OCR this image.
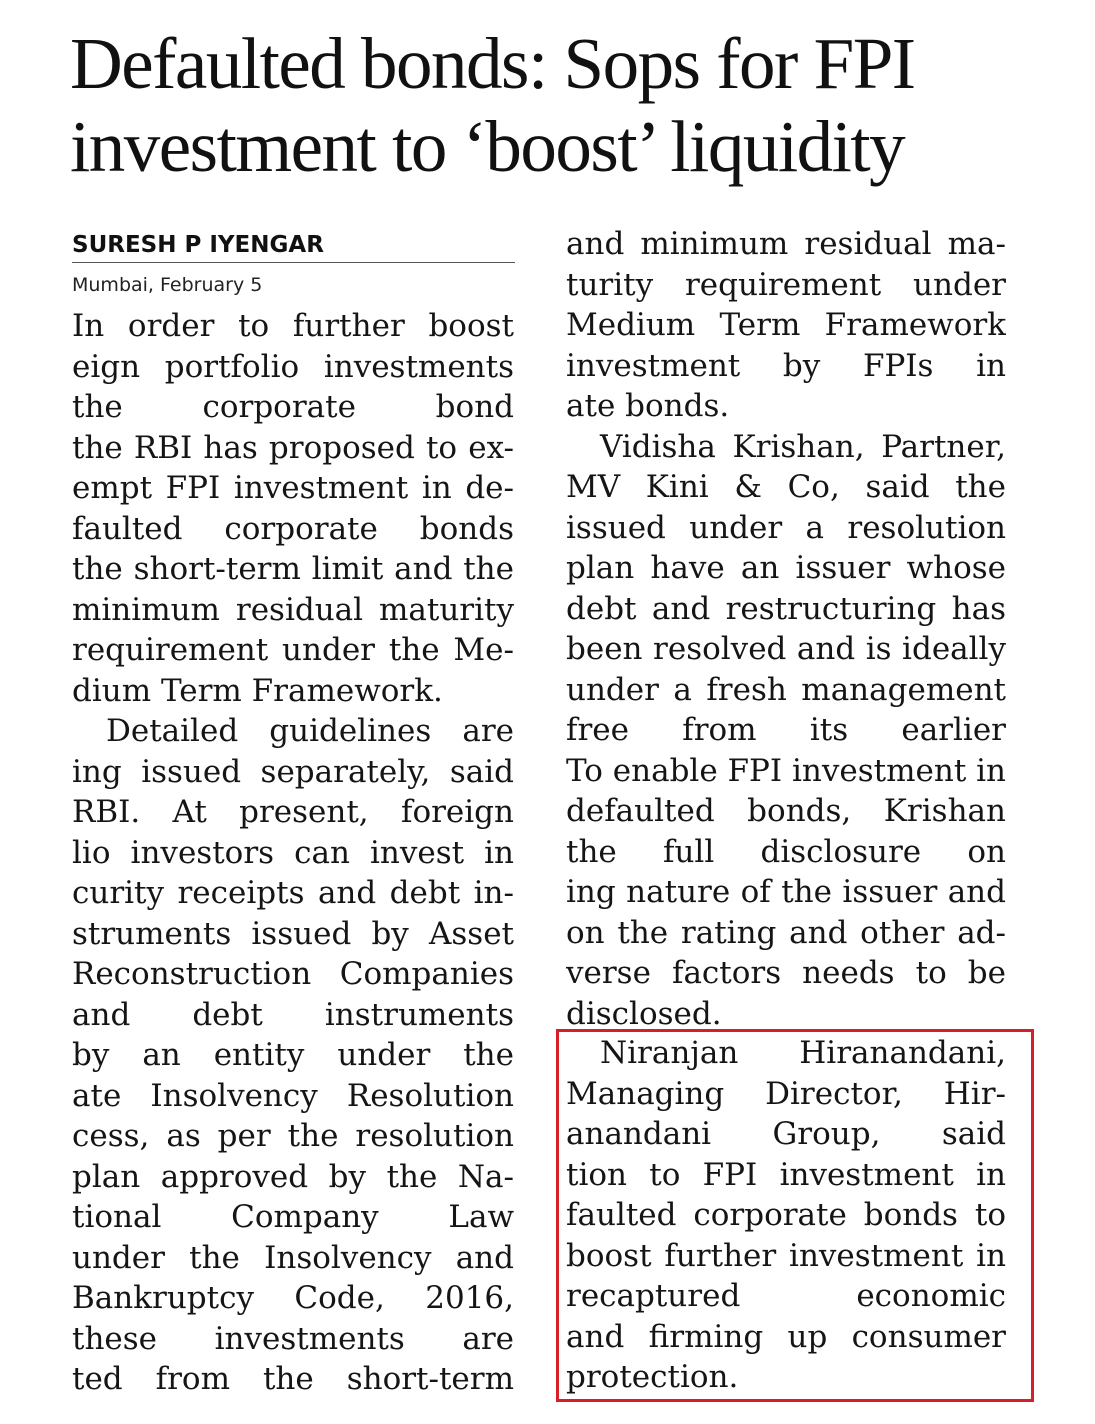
Defaulted bonds: Sops for FPI
investment to ‘boost’ liquidity
SURESH P IYENGAR
Mumbai, February 5
In order to further boost
eign portfolio investments
the corporate bond
the RBI has proposed to ex-
empt FPI investment in de-
faulted corporate bonds
the short-term limit and the
minimum residual maturity
requirement under the Me-
dium Term Framework.
Detailed guidelines are
ing issued separately, said
RBI. At present, foreign
lio investors can invest in
curity receipts and debt in-
struments issued by Asset
Reconstruction Companies
and debt instruments
by an entity under the
ate Insolvency Resolution
cess, as per the resolution
plan approved by the Na-
tional Company Law
under the Insolvency and
Bankruptcy Code, 2016,
these investments are
ted from the short-term
and minimum residual ma-
turity requirement under
Medium Term Framework
investment by FPIs in
ate bonds.
Vidisha Krishan, Partner,
MV Kini & Co, said the
issued under a resolution
plan have an issuer whose
debt and restructuring has
been resolved and is ideally
under a fresh management
free from its earlier
To enable FPI investment in
defaulted bonds, Krishan
the full disclosure on
ing nature of the issuer and
on the rating and other ad-
verse factors needs to be
disclosed.
Niranjan Hiranandani,
Managing Director, Hir-
anandani Group, said
tion to FPI investment in
faulted corporate bonds to
boost further investment in
recaptured economic
and firming up consumer
protection.
